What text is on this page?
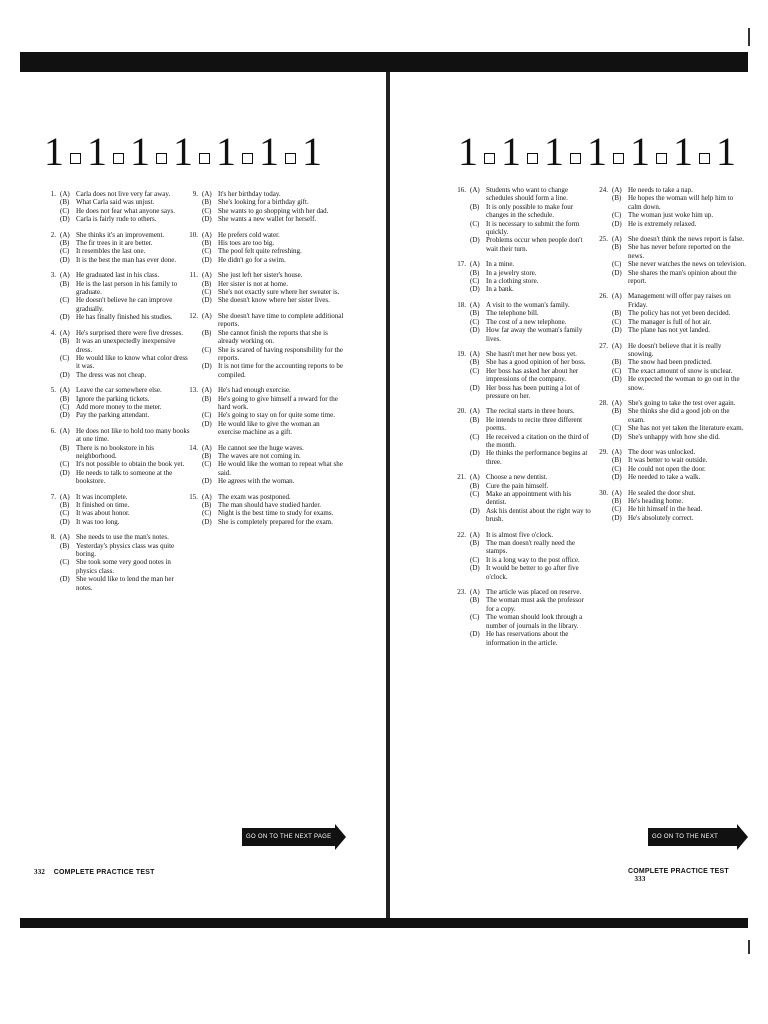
1 1 1 1 1 1 1
1. (A) Carla does not live very far away.
(B) What Carla said was unjust.
(C) He does not fear what anyone says.
(D) Carla is fairly rude to others.
2. (A) She thinks it's an improvement.
(B) The fir trees in it are better.
(C) It resembles the last one.
(D) It is the best the man has ever done.
3. (A) He graduated last in his class.
(B) He is the last person in his family to graduate.
(C) He doesn't believe he can improve gradually.
(D) He has finally finished his studies.
4. (A) He's surprised there were five dresses.
(B) It was an unexpectedly inexpensive dress.
(C) He would like to know what color dress it was.
(D) The dress was not cheap.
5. (A) Leave the car somewhere else.
(B) Ignore the parking tickets.
(C) Add more money to the meter.
(D) Pay the parking attendant.
6. (A) He does not like to hold too many books at one time.
(B) There is no bookstore in his neighborhood.
(C) It's not possible to obtain the book yet.
(D) He needs to talk to someone at the bookstore.
7. (A) It was incomplete.
(B) It finished on time.
(C) It was about honor.
(D) It was too long.
8. (A) She needs to use the man's notes.
(B) Yesterday's physics class was quite boring.
(C) She took some very good notes in physics class.
(D) She would like to lend the man her notes.
9. (A) It's her birthday today.
(B) She's looking for a birthday gift.
(C) She wants to go shopping with her dad.
(D) She wants a new wallet for herself.
10. (A) He prefers cold water.
(B) His toes are too big.
(C) The pool felt quite refreshing.
(D) He didn't go for a swim.
11. (A) She just left her sister's house.
(B) Her sister is not at home.
(C) She's not exactly sure where her sweater is.
(D) She doesn't know where her sister lives.
12. (A) She doesn't have time to complete additional reports.
(B) She cannot finish the reports that she is already working on.
(C) She is scared of having responsibility for the reports.
(D) It is not time for the accounting reports to be compiled.
13. (A) He's had enough exercise.
(B) He's going to give himself a reward for the hard work.
(C) He's going to stay on for quite some time.
(D) He would like to give the woman an exercise machine as a gift.
14. (A) He cannot see the huge waves.
(B) The waves are not coming in.
(C) He would like the woman to repeat what she said.
(D) He agrees with the woman.
15. (A) The exam was postponed.
(B) The man should have studied harder.
(C) Night is the best time to study for exams.
(D) She is completely prepared for the exam.
GO ON TO THE NEXT PAGE
332 COMPLETE PRACTICE TEST
1 1 1 1 1 1 1
16. (A) Students who want to change schedules should form a line.
(B) It is only possible to make four changes in the schedule.
(C) It is necessary to submit the form quickly.
(D) Problems occur when people don't wait their turn.
17. (A) In a mine.
(B) In a jewelry store.
(C) In a clothing store.
(D) In a bank.
18. (A) A visit to the woman's family.
(B) The telephone bill.
(C) The cost of a new telephone.
(D) How far away the woman's family lives.
19. (A) She hasn't met her new boss yet.
(B) She has a good opinion of her boss.
(C) Her boss has asked her about her impressions of the company.
(D) Her boss has been putting a lot of pressure on her.
20. (A) The recital starts in three hours.
(B) He intends to recite three different poems.
(C) He received a citation on the third of the month.
(D) He thinks the performance begins at three.
21. (A) Choose a new dentist.
(B) Cure the pain himself.
(C) Make an appointment with his dentist.
(D) Ask his dentist about the right way to brush.
22. (A) It is almost five o'clock.
(B) The man doesn't really need the stamps.
(C) It is a long way to the post office.
(D) It would be better to go after five o'clock.
23. (A) The article was placed on reserve.
(B) The woman must ask the professor for a copy.
(C) The woman should look through a number of journals in the library.
(D) He has reservations about the information in the article.
24. (A) He needs to take a nap.
(B) He hopes the woman will help him to calm down.
(C) The woman just woke him up.
(D) He is extremely relaxed.
25. (A) She doesn't think the news report is false.
(B) She has never before reported on the news.
(C) She never watches the news on television.
(D) She shares the man's opinion about the report.
26. (A) Management will offer pay raises on Friday.
(B) The policy has not yet been decided.
(C) The manager is full of hot air.
(D) The plane has not yet landed.
27. (A) He doesn't believe that it is really snowing.
(B) The snow had been predicted.
(C) The exact amount of snow is unclear.
(D) He expected the woman to go out in the snow.
28. (A) She's going to take the test over again.
(B) She thinks she did a good job on the exam.
(C) She has not yet taken the literature exam.
(D) She's unhappy with how she did.
29. (A) The door was unlocked.
(B) It was better to wait outside.
(C) He could not open the door.
(D) He needed to take a walk.
30. (A) He sealed the door shut.
(B) He's heading home.
(C) He hit himself in the head.
(D) He's absolutely correct.
GO ON TO THE NEXT PAGE
COMPLETE PRACTICE TEST    333
